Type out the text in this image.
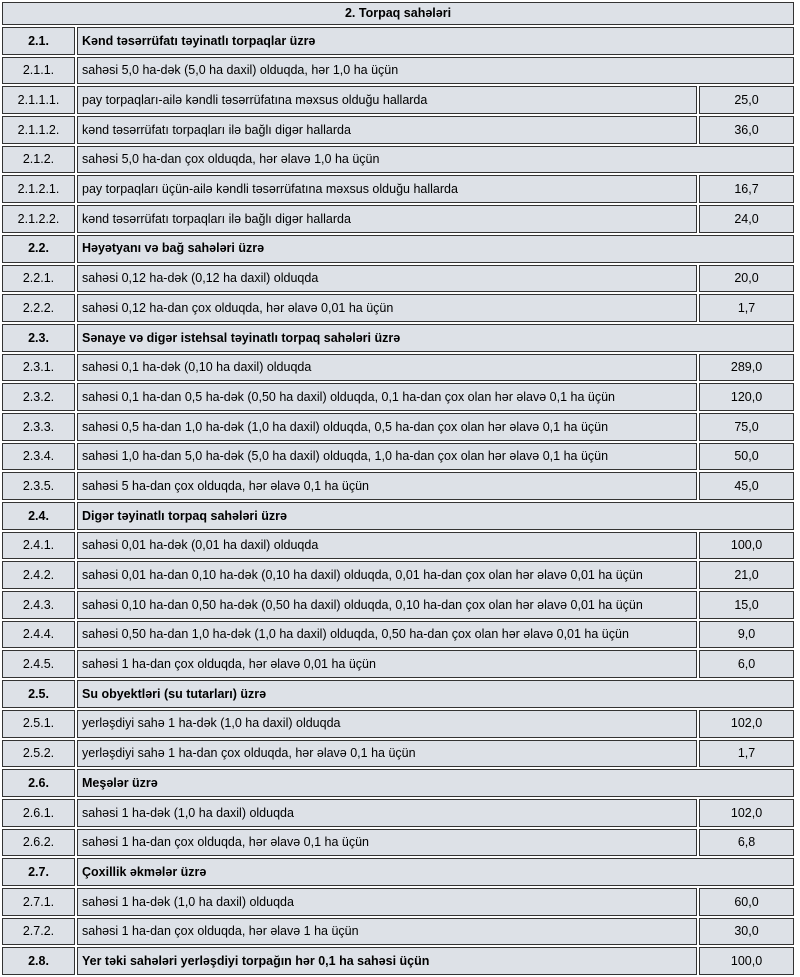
2. Torpaq sahələri		
2.1.	Kənd təsərrüfatı təyinatlı torpaqlar üzrə	
2.1.1.	sahəsi 5,0 ha-dək (5,0 ha daxil) olduqda, hər 1,0 ha üçün	
2.1.1.1.	pay torpaqları-ailə kəndli təsərrüfatına məxsus olduğu hallarda	25,0
2.1.1.2.	kənd təsərrüfatı torpaqları ilə bağlı digər hallarda	36,0
2.1.2.	sahəsi 5,0 ha-dan çox olduqda, hər əlavə 1,0 ha üçün	
2.1.2.1.	pay torpaqları üçün-ailə kəndli təsərrüfatına məxsus olduğu hallarda	16,7
2.1.2.2.	kənd təsərrüfatı torpaqları ilə bağlı digər hallarda	24,0
2.2.	Həyətyanı və bağ sahələri üzrə	
2.2.1.	sahəsi 0,12 ha-dək (0,12 ha daxil) olduqda	20,0
2.2.2.	sahəsi 0,12 ha-dan çox olduqda, hər əlavə 0,01 ha üçün	1,7
2.3.	Sənaye və digər istehsal təyinatlı torpaq sahələri üzrə	
2.3.1.	sahəsi 0,1 ha-dək (0,10 ha daxil) olduqda	289,0
2.3.2.	sahəsi 0,1 ha-dan 0,5 ha-dək (0,50 ha daxil) olduqda, 0,1 ha-dan çox olan hər əlavə 0,1 ha üçün	120,0
2.3.3.	sahəsi 0,5 ha-dan 1,0 ha-dək (1,0 ha daxil) olduqda, 0,5 ha-dan çox olan hər əlavə 0,1 ha üçün	75,0
2.3.4.	sahəsi 1,0 ha-dan 5,0 ha-dək (5,0 ha daxil) olduqda, 1,0 ha-dan çox olan hər əlavə 0,1 ha üçün	50,0
2.3.5.	sahəsi 5 ha-dan çox olduqda, hər əlavə 0,1 ha üçün	45,0
2.4.	Digər təyinatlı torpaq sahələri üzrə	
2.4.1.	sahəsi 0,01 ha-dək (0,01 ha daxil) olduqda	100,0
2.4.2.	sahəsi 0,01 ha-dan 0,10 ha-dək (0,10 ha daxil) olduqda, 0,01 ha-dan çox olan hər əlavə 0,01 ha üçün	21,0
2.4.3.	sahəsi 0,10 ha-dan 0,50 ha-dək (0,50 ha daxil) olduqda, 0,10 ha-dan çox olan hər əlavə 0,01 ha üçün	15,0
2.4.4.	sahəsi 0,50 ha-dan 1,0 ha-dək (1,0 ha daxil) olduqda, 0,50 ha-dan çox olan hər əlavə 0,01 ha üçün	9,0
2.4.5.	sahəsi 1 ha-dan çox olduqda, hər əlavə 0,01 ha üçün	6,0
2.5.	Su obyektləri (su tutarları) üzrə	
2.5.1.	yerləşdiyi sahə 1 ha-dək (1,0 ha daxil) olduqda	102,0
2.5.2.	yerləşdiyi sahə 1 ha-dan çox olduqda, hər əlavə 0,1 ha üçün	1,7
2.6.	Meşələr üzrə	
2.6.1.	sahəsi 1 ha-dək (1,0 ha daxil) olduqda	102,0
2.6.2.	sahəsi 1 ha-dan çox olduqda, hər əlavə 0,1 ha üçün	6,8
2.7.	Çoxillik əkmələr üzrə	
2.7.1.	sahəsi 1 ha-dək (1,0 ha daxil) olduqda	60,0
2.7.2.	sahəsi 1 ha-dan çox olduqda, hər əlavə 1 ha üçün	30,0
2.8.	Yer təki sahələri yerləşdiyi torpağın hər 0,1 ha sahəsi üçün	100,0
